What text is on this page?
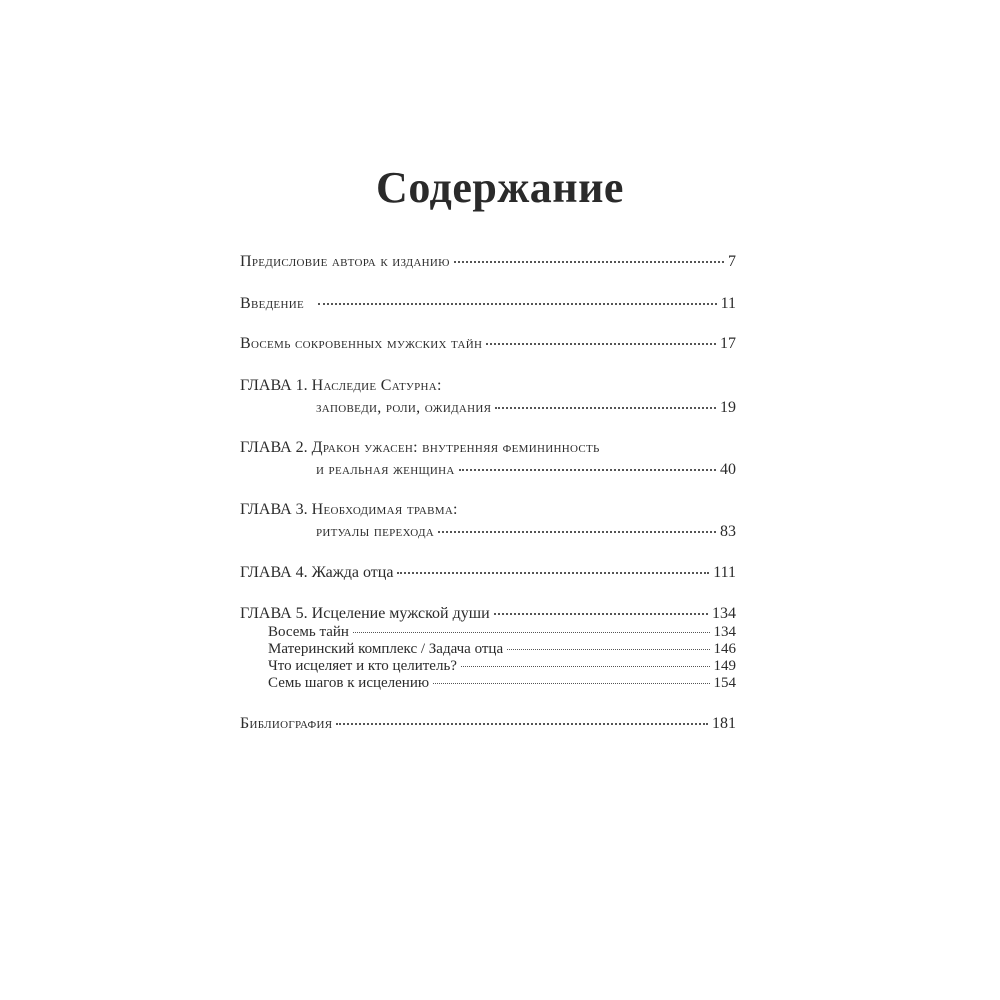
Содержание
Предисловие автора к изданию	7
Введение	11
Восемь сокровенных мужских тайн	17
ГЛАВА 1. Наследие Сатурна:
заповеди, роли, ожидания	19
ГЛАВА 2. Дракон ужасен: внутренняя фемининность
и реальная женщина	40
ГЛАВА 3. Необходимая травма:
ритуалы перехода	83
ГЛАВА 4. Жажда отца	111
ГЛАВА 5. Исцеление мужской души	134
Восемь тайн	134
Материнский комплекс / Задача отца	146
Что исцеляет и кто целитель?	149
Семь шагов к исцелению	154
Библиография	181
